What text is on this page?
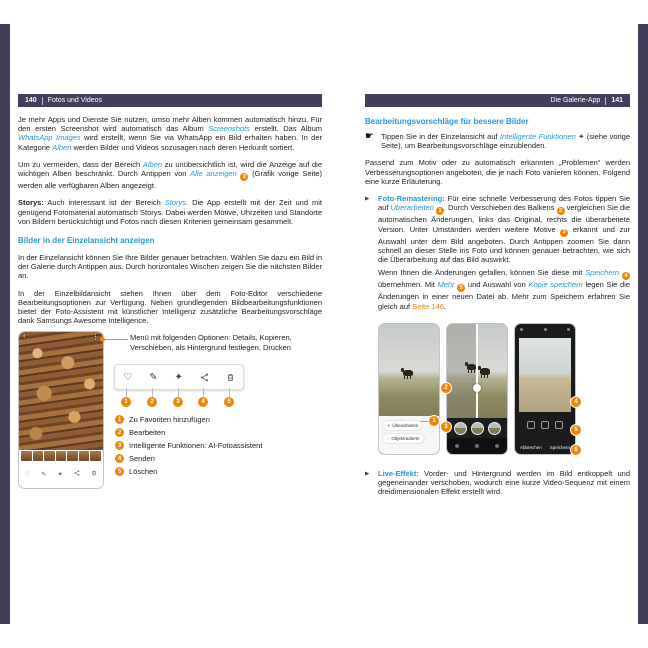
140 Fotos und Videos

Je mehr Apps und Dienste Sie nutzen, umso mehr Alben kommen automatisch hinzu. Für den ersten Screenshot wird automatisch das Album Screenshots erstellt. Das Album WhatsApp Images wird erstellt, wenn Sie via WhatsApp ein Bild erhalten haben. In der Kategorie Alben werden Bilder und Videos sozusagen nach deren Herkunft sortiert.

Um zu vermeiden, dass der Bereich Alben zu unübersichtlich ist, wird die Anzeige auf die wichtigen Alben beschränkt. Durch Antippen von Alle anzeigen 2 (Grafik vorige Seite) werden alle verfügbaren Alben angezeigt.

Storys: Auch interessant ist der Bereich Storys. Die App erstellt mit der Zeit und mit genügend Fotomaterial automatisch Storys. Dabei werden Motive, Uhrzeiten und Standorte von Bildern berücksichtigt und Fotos nach diesen Kriterien gemeinsam gesammelt.

Bilder in der Einzelansicht anzeigen

In der Einzelansicht können Sie Ihre Bilder genauer betrachten. Wählen Sie dazu ein Bild in der Galerie durch Antippen aus. Durch horizontales Wischen zeigen Sie die nächsten Bilder an.

In der Einzelbildansicht stehen Ihnen über dem Foto-Editor verschiedene Bearbeitungsoptionen zur Verfügung. Neben grundlegenden Bildbearbeitungsfunktionen bietet der Foto-Assistent mit künstlicher Intelligenz zusätzliche Bearbeitungsvorschläge dank Samsungs Awesome Intelligence.

‹	⋮
♡ ✎ ✦
Menü mit folgenden Optionen: Details, Kopieren, Verschieben, als Hintergrund festlegen, Drucken
♡ ✎ ✦
1	2	3	4	5
1	Zu Favoriten hinzufügen
2	Bearbeiten
3	Intelligente Funktionen: AI-Fotoassistent
4	Senden
5	Löschen
Die Galerie-App 141
Bearbeitungsvorschläge für bessere Bilder
☛ Tippen Sie in der Einzelansicht auf Intelligente Funktionen ✦ (siehe vorige Seite), um Bearbeitungsvorschläge einzublenden.

Passend zum Motiv oder zu automatisch erkannten „Problemen“ werden Verbesserungsoptionen angeboten, die je nach Foto variieren können. Folgend eine kurze Erläuterung.

▶	Foto-Remastering: Für eine schnelle Verbesserung des Fotos tippen Sie auf Überarbeiten 1 . Durch Verschieben des Balkens 2 vergleichen Sie die automatischen Änderungen, links das Original, rechts die überarbeitete Version. Unter Umständen werden weitere Motive 3 erkannt und zur Auswahl unter dem Bild angeboten. Durch Antippen zoomen Sie dann schnell an dieser Stelle ins Foto und können genauer betrachten, wie sich die Überarbeitung auf das Bild auswirkt.

Wenn Ihnen die Änderungen gefallen, können Sie diese mit Speichern 4 übernehmen. Mit Mehr 5 und Auswahl von Kopie speichern legen Sie die Änderungen in einer neuen Datei ab. Mehr zum Speichern erfahren Sie gleich auf Seite 146.

✦ Überarbeiten
◌ Objektradierer
Abbrechen Speichern
1
2
3
4
5
6
▶	Live-Effekt: Vorder- und Hintergrund werden im Bild entkoppelt und gegeneinander verschoben, wodurch eine kurze Video-Sequenz mit einem dreidimensionalen Effekt erstellt wird.
